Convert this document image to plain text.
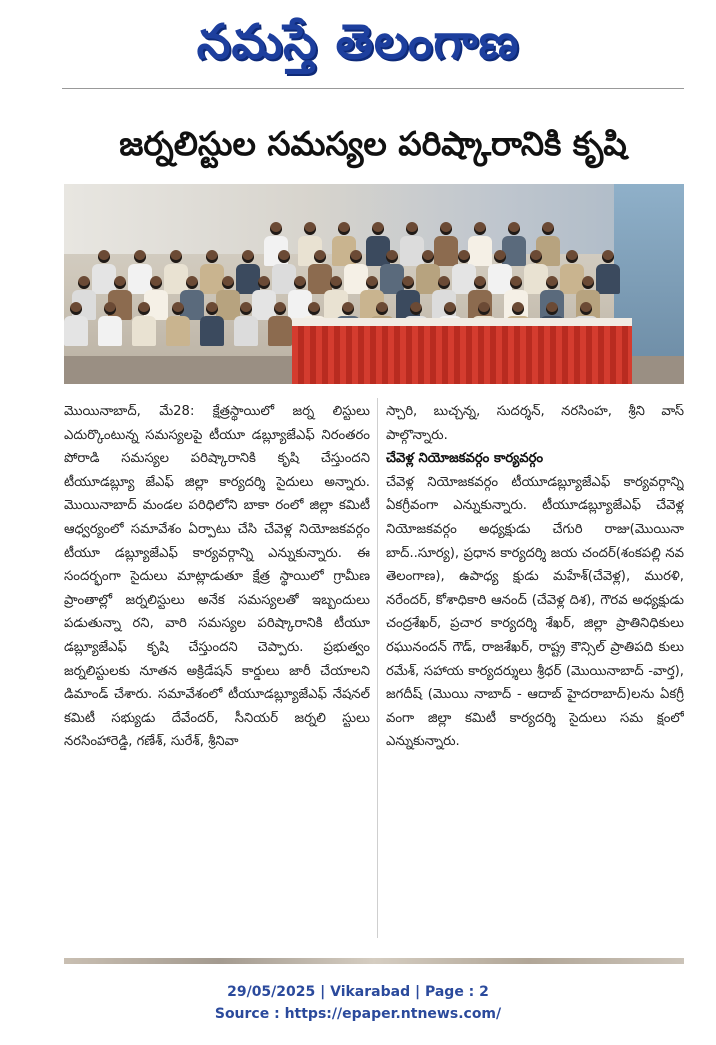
నమస్తే తెలంగాణ
జర్నలిస్టుల సమస్యల పరిష్కారానికి కృషి
మొయినాబాద్, మే28: క్షేత్రస్థాయిలో జర్న లిస్టులు ఎదుర్కొంటున్న సమస్యలపై టీయూ డబ్ల్యూజేఎఫ్ నిరంతరం పోరాడి సమస్యల పరిష్కారానికి కృషి చేస్తుందని టీయూడబ్ల్యూ జేఎఫ్ జిల్లా కార్యదర్శి సైదులు అన్నారు. మొయినాబాద్ మండల పరిధిలోని బాకా రంలో జిల్లా కమిటీ ఆధ్వర్యంలో సమావేశం ఏర్పాటు చేసి చేవెళ్ల నియోజకవర్గం టీయూ డబ్ల్యూజేఎఫ్ కార్యవర్గాన్ని ఎన్నుకున్నారు. ఈ సందర్భంగా సైదులు మాట్లాడుతూ క్షేత్ర స్థాయిలో గ్రామీణ ప్రాంతాల్లో జర్నలిస్టులు అనేక సమస్యలతో ఇబ్బందులు పడుతున్నా రని, వారి సమస్యల పరిష్కారానికి టీయూ డబ్ల్యూజేఎఫ్ కృషి చేస్తుందని చెప్పారు. ప్రభుత్వం జర్నలిస్టులకు నూతన అక్రిడేషన్ కార్డులు జారీ చేయాలని డిమాండ్ చేశారు. సమావేశంలో టీయూడబ్ల్యూజేఎఫ్ నేషనల్ కమిటీ సభ్యుడు దేవేందర్, సీనియర్ జర్నలి స్టులు నరసింహారెడ్డి, గణేశ్, సురేశ్, శ్రీనివా
స్చారి, బుచ్చన్న, సుదర్శన్, నరసింహ, శ్రీని వాస్ పాల్గొన్నారు.
చేవెళ్ల నియోజకవర్గం కార్యవర్గం
చేవెళ్ల నియోజకవర్గం టీయూడబ్ల్యూజేఎఫ్ కార్యవర్గాన్ని ఏకగ్రీవంగా ఎన్నుకున్నారు. టీయూడబ్ల్యూజేఎఫ్ చేవెళ్ల నియోజకవర్గం అధ్యక్షుడు చేగురి రాజు(మొయినా బాద్..సూర్య), ప్రధాన కార్యదర్శి జయ చందర్(శంకపల్లి నవ తెలంగాణ), ఉపాధ్య క్షుడు మహేశ్(చేవెళ్ల), మురళి, నరేందర్, కోశాధికారి ఆనంద్ (చేవెళ్ల దిశ), గౌరవ అధ్యక్షుడు చంద్రశేఖర్, ప్రచార కార్యదర్శి శేఖర్, జిల్లా ప్రాతినిధికులు రఘునందన్ గౌడ్, రాజశేఖర్, రాష్ట్ర కౌన్సిల్ ప్రాతిపది కులు రమేశ్, సహాయ కార్యదర్శులు శ్రీధర్ (మొయినాబాద్ -వార్త), జగదీష్ (మొయి నాబాద్ - ఆదాబ్ హైదరాబాద్)లను ఏకగ్రీ వంగా జిల్లా కమిటీ కార్యదర్శి సైదులు సమ క్షంలో ఎన్నుకున్నారు.
29/05/2025 | Vikarabad | Page : 2
Source : https://epaper.ntnews.com/
